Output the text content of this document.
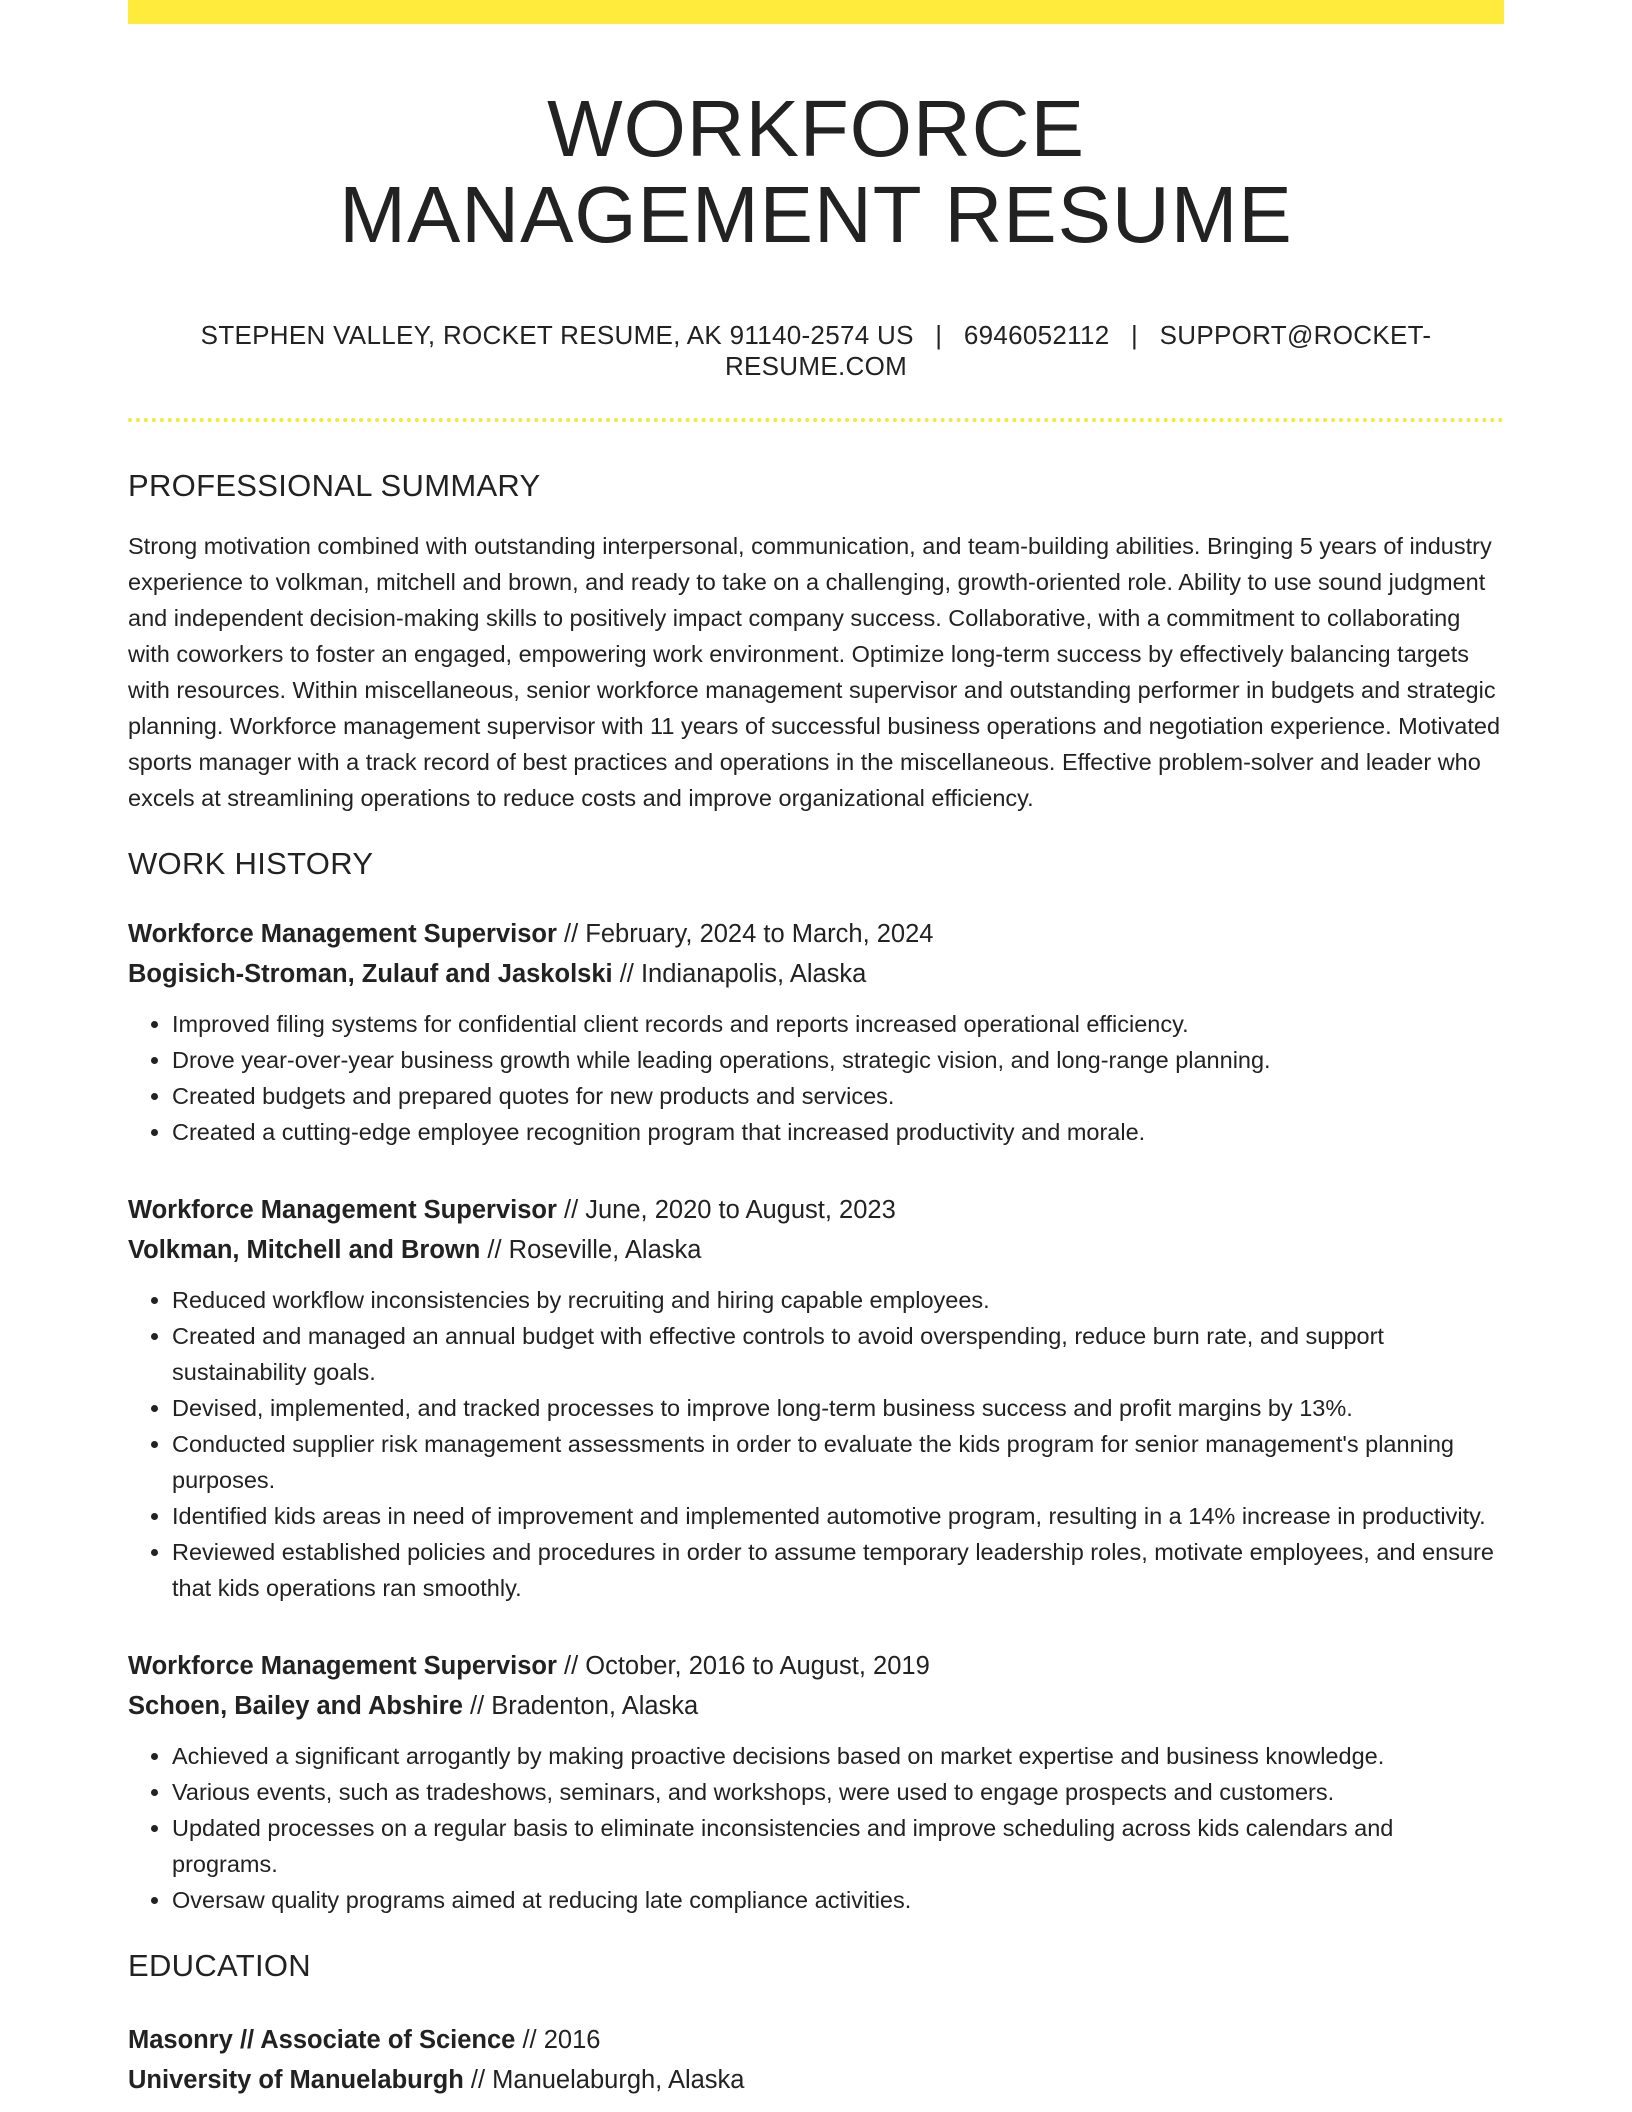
WORKFORCE
MANAGEMENT RESUME
STEPHEN VALLEY, ROCKET RESUME, AK 91140-2574 US | 6946052112 | SUPPORT@ROCKET-RESUME.COM
PROFESSIONAL SUMMARY
Strong motivation combined with outstanding interpersonal, communication, and team-building abilities. Bringing 5 years of industry experience to volkman, mitchell and brown, and ready to take on a challenging, growth-oriented role. Ability to use sound judgment and independent decision-making skills to positively impact company success. Collaborative, with a commitment to collaborating with coworkers to foster an engaged, empowering work environment. Optimize long-term success by effectively balancing targets with resources. Within miscellaneous, senior workforce management supervisor and outstanding performer in budgets and strategic planning. Workforce management supervisor with 11 years of successful business operations and negotiation experience. Motivated sports manager with a track record of best practices and operations in the miscellaneous. Effective problem-solver and leader who excels at streamlining operations to reduce costs and improve organizational efficiency.
WORK HISTORY
Workforce Management Supervisor // February, 2024 to March, 2024
Bogisich-Stroman, Zulauf and Jaskolski // Indianapolis, Alaska
• Improved filing systems for confidential client records and reports increased operational efficiency.
• Drove year-over-year business growth while leading operations, strategic vision, and long-range planning.
• Created budgets and prepared quotes for new products and services.
• Created a cutting-edge employee recognition program that increased productivity and morale.
Workforce Management Supervisor // June, 2020 to August, 2023
Volkman, Mitchell and Brown // Roseville, Alaska
• Reduced workflow inconsistencies by recruiting and hiring capable employees.
• Created and managed an annual budget with effective controls to avoid overspending, reduce burn rate, and support sustainability goals.
• Devised, implemented, and tracked processes to improve long-term business success and profit margins by 13%.
• Conducted supplier risk management assessments in order to evaluate the kids program for senior management's planning purposes.
• Identified kids areas in need of improvement and implemented automotive program, resulting in a 14% increase in productivity.
• Reviewed established policies and procedures in order to assume temporary leadership roles, motivate employees, and ensure that kids operations ran smoothly.
Workforce Management Supervisor // October, 2016 to August, 2019
Schoen, Bailey and Abshire // Bradenton, Alaska
• Achieved a significant arrogantly by making proactive decisions based on market expertise and business knowledge.
• Various events, such as tradeshows, seminars, and workshops, were used to engage prospects and customers.
• Updated processes on a regular basis to eliminate inconsistencies and improve scheduling across kids calendars and programs.
• Oversaw quality programs aimed at reducing late compliance activities.
EDUCATION
Masonry // Associate of Science // 2016
University of Manuelaburgh // Manuelaburgh, Alaska
